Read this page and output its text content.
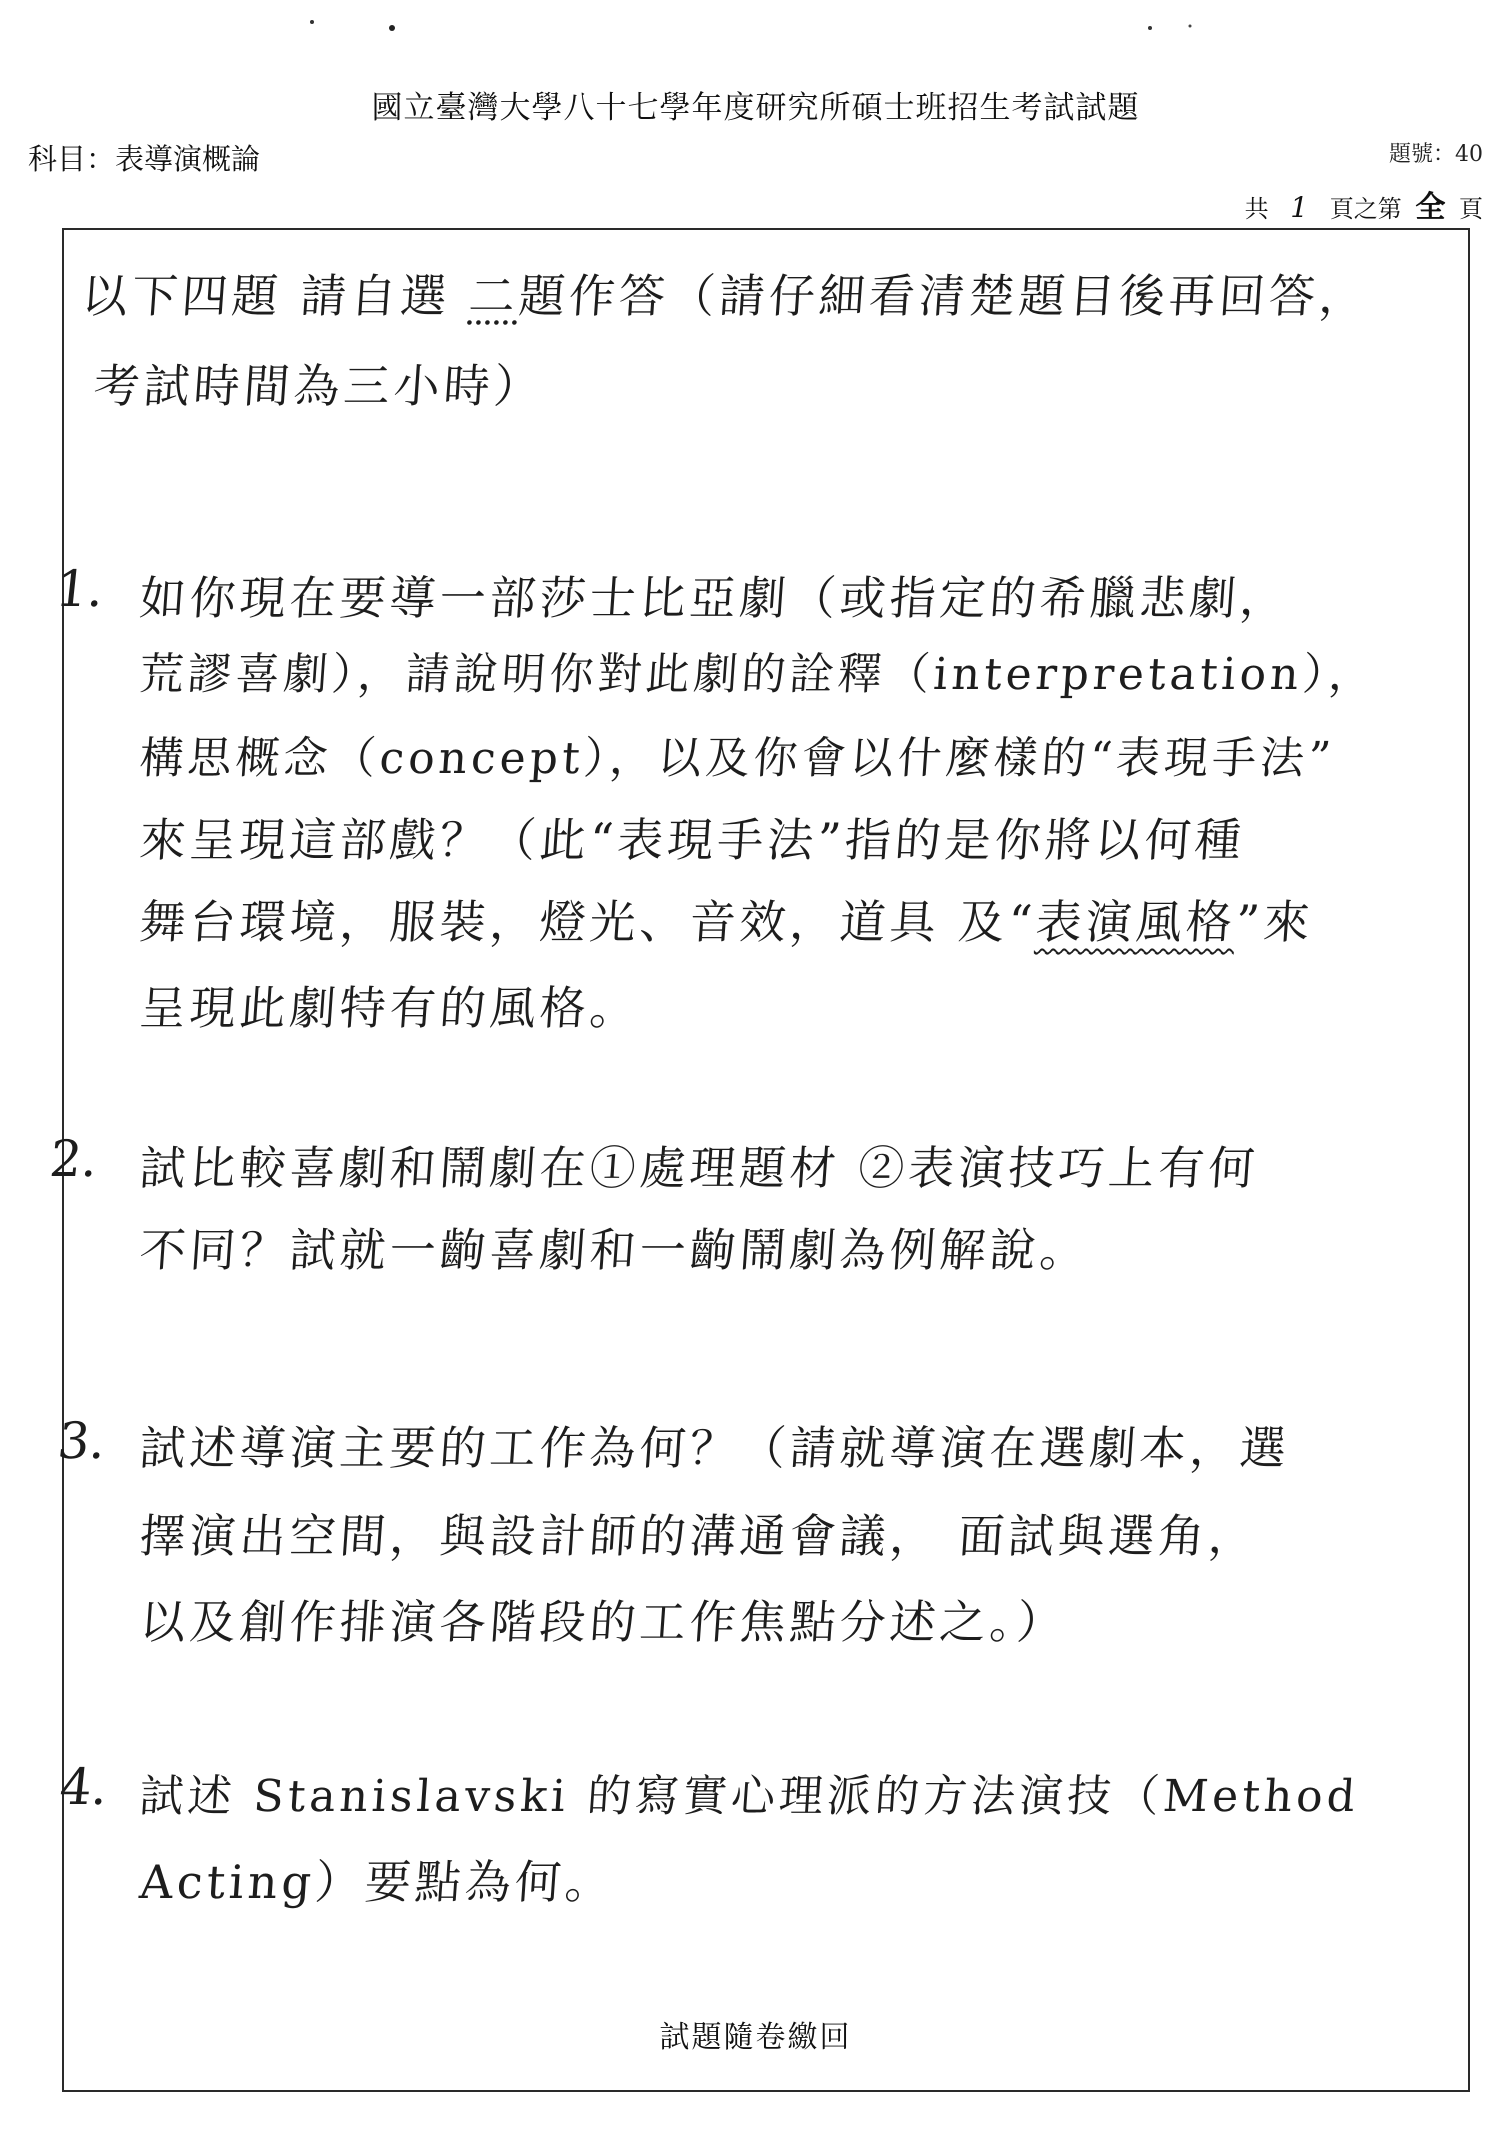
國立臺灣大學八十七學年度研究所碩士班招生考試試題
科目：表導演概論	題號：40
共 1 頁之第 全 頁
以下四題 請自選 二題作答（請仔細看清楚題目後再回答，
考試時間為三小時）
1. 如你現在要導一部莎士比亞劇（或指定的希臘悲劇，
荒謬喜劇），請說明你對此劇的詮釋（interpretation），
構思概念（concept），以及你會以什麼樣的“表現手法”
來呈現這部戲？（此“表現手法”指的是你將以何種
舞台環境，服裝，燈光、音效，道具 及“表演風格”來
呈現此劇特有的風格。
2. 試比較喜劇和鬧劇在①處理題材 ②表演技巧上有何
不同？試就一齣喜劇和一齣鬧劇為例解說。
3. 試述導演主要的工作為何？（請就導演在選劇本，選
擇演出空間，與設計師的溝通會議， 面試與選角，
以及創作排演各階段的工作焦點分述之。）
4. 試述 Stanislavski 的寫實心理派的方法演技（Method
Acting）要點為何。
試題隨卷繳回
